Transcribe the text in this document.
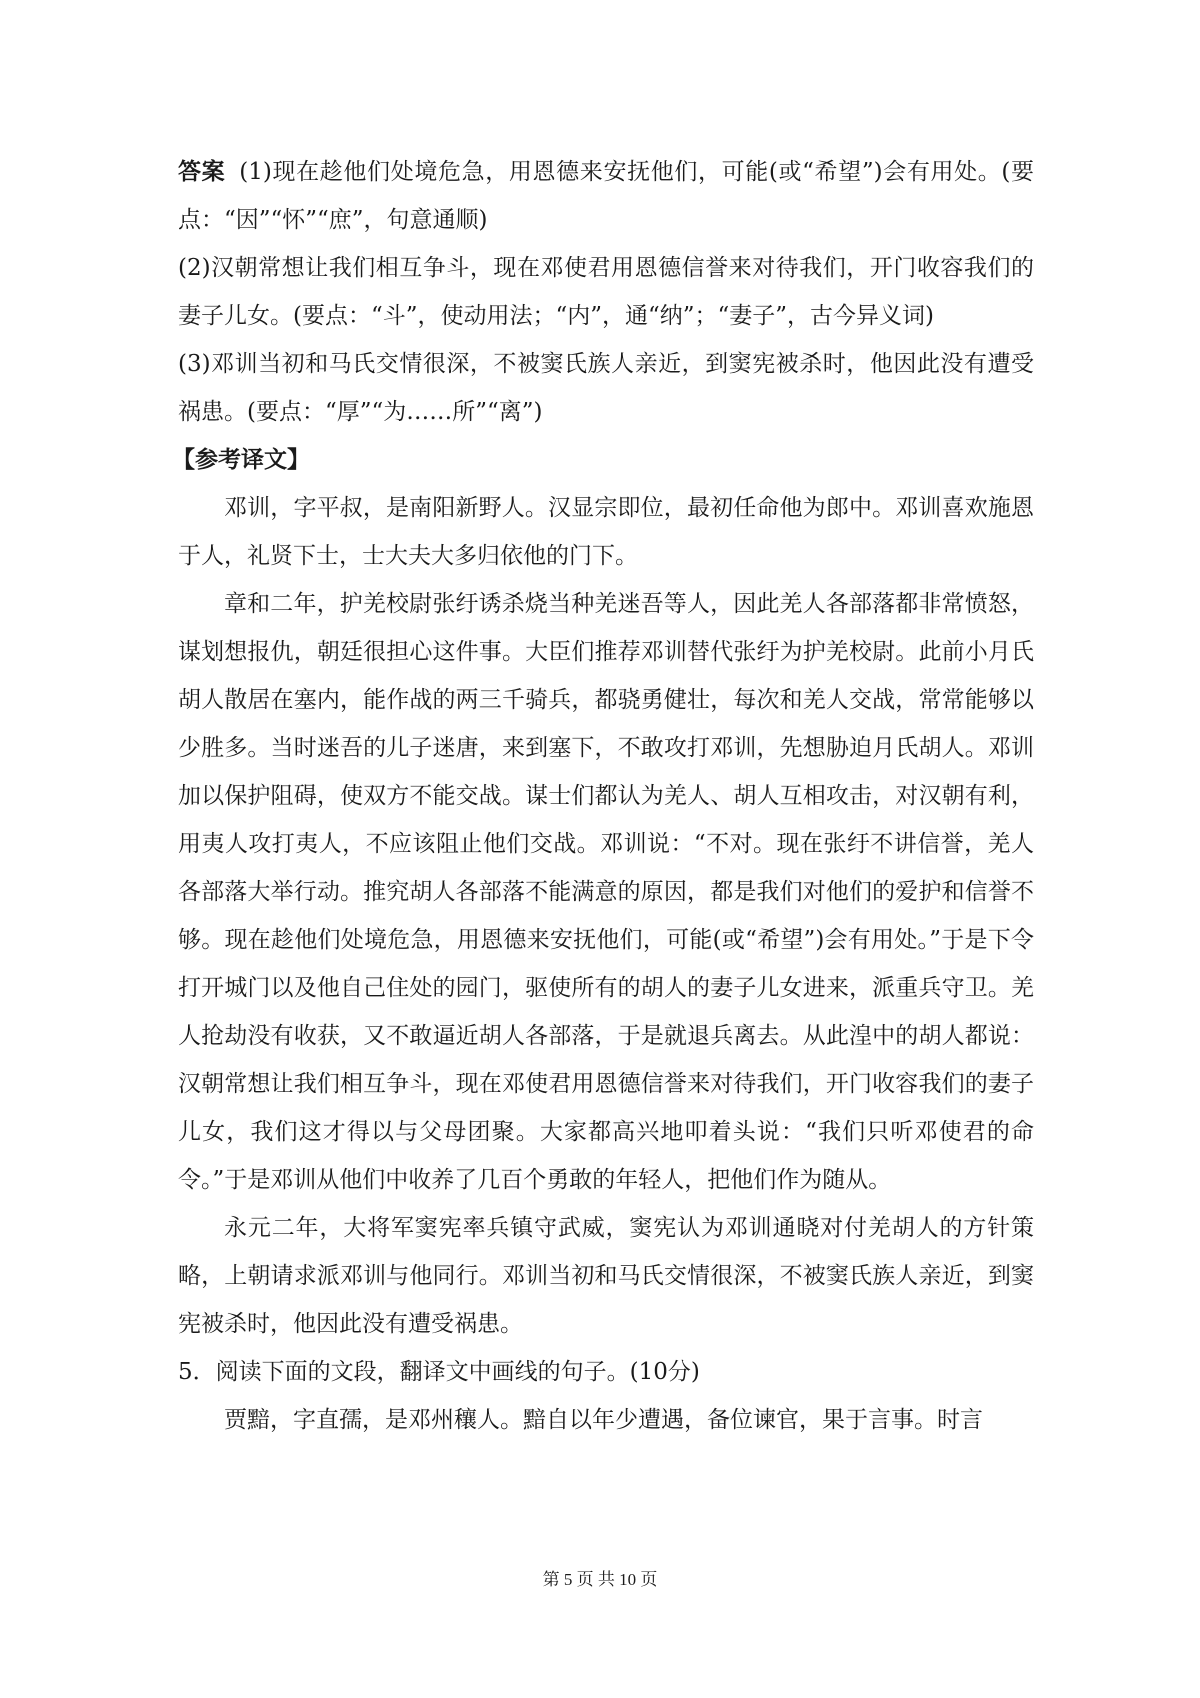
答案 (1)现在趁他们处境危急，用恩德来安抚他们，可能(或“希望”)会有用处。(要点：“因”“怀”“庶”，句意通顺)

(2)汉朝常想让我们相互争斗，现在邓使君用恩德信誉来对待我们，开门收容我们的妻子儿女。(要点：“斗”，使动用法；“内”，通“纳”；“妻子”，古今异义词)

(3)邓训当初和马氏交情很深，不被窦氏族人亲近，到窦宪被杀时，他因此没有遭受祸患。(要点：“厚”“为……所”“离”)

【参考译文】

邓训，字平叔，是南阳新野人。汉显宗即位，最初任命他为郎中。邓训喜欢施恩于人，礼贤下士，士大夫大多归依他的门下。

章和二年，护羌校尉张纡诱杀烧当种羌迷吾等人，因此羌人各部落都非常愤怒，谋划想报仇，朝廷很担心这件事。大臣们推荐邓训替代张纡为护羌校尉。此前小月氏胡人散居在塞内，能作战的两三千骑兵，都骁勇健壮，每次和羌人交战，常常能够以少胜多。当时迷吾的儿子迷唐，来到塞下，不敢攻打邓训，先想胁迫月氏胡人。邓训加以保护阻碍，使双方不能交战。谋士们都认为羌人、胡人互相攻击，对汉朝有利，用夷人攻打夷人，不应该阻止他们交战。邓训说：“不对。现在张纡不讲信誉，羌人各部落大举行动。推究胡人各部落不能满意的原因，都是我们对他们的爱护和信誉不够。现在趁他们处境危急，用恩德来安抚他们，可能(或“希望”)会有用处。”于是下令打开城门以及他自己住处的园门，驱使所有的胡人的妻子儿女进来，派重兵守卫。羌人抢劫没有收获，又不敢逼近胡人各部落，于是就退兵离去。从此湟中的胡人都说：汉朝常想让我们相互争斗，现在邓使君用恩德信誉来对待我们，开门收容我们的妻子儿女，我们这才得以与父母团聚。大家都高兴地叩着头说：“我们只听邓使君的命令。”于是邓训从他们中收养了几百个勇敢的年轻人，把他们作为随从。

永元二年，大将军窦宪率兵镇守武威，窦宪认为邓训通晓对付羌胡人的方针策略，上朝请求派邓训与他同行。邓训当初和马氏交情很深，不被窦氏族人亲近，到窦宪被杀时，他因此没有遭受祸患。

5．阅读下面的文段，翻译文中画线的句子。(10分)

贾黯，字直孺，是邓州穰人。黯自以年少遭遇，备位谏官，果于言事。时言

第 5 页 共 10 页
